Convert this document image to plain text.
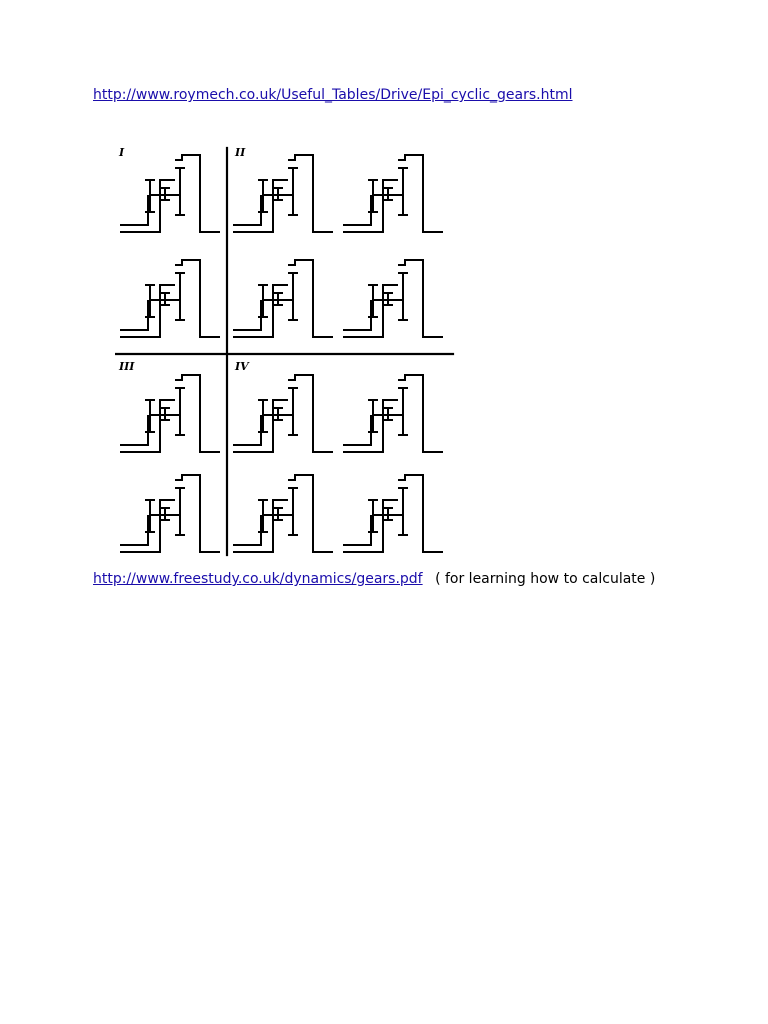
http://www.roymech.co.uk/Useful_Tables/Drive/Epi_cyclic_gears.html
I	II
III	IV
http://www.freestudy.co.uk/dynamics/gears.pdf ( for learning how to calculate )
